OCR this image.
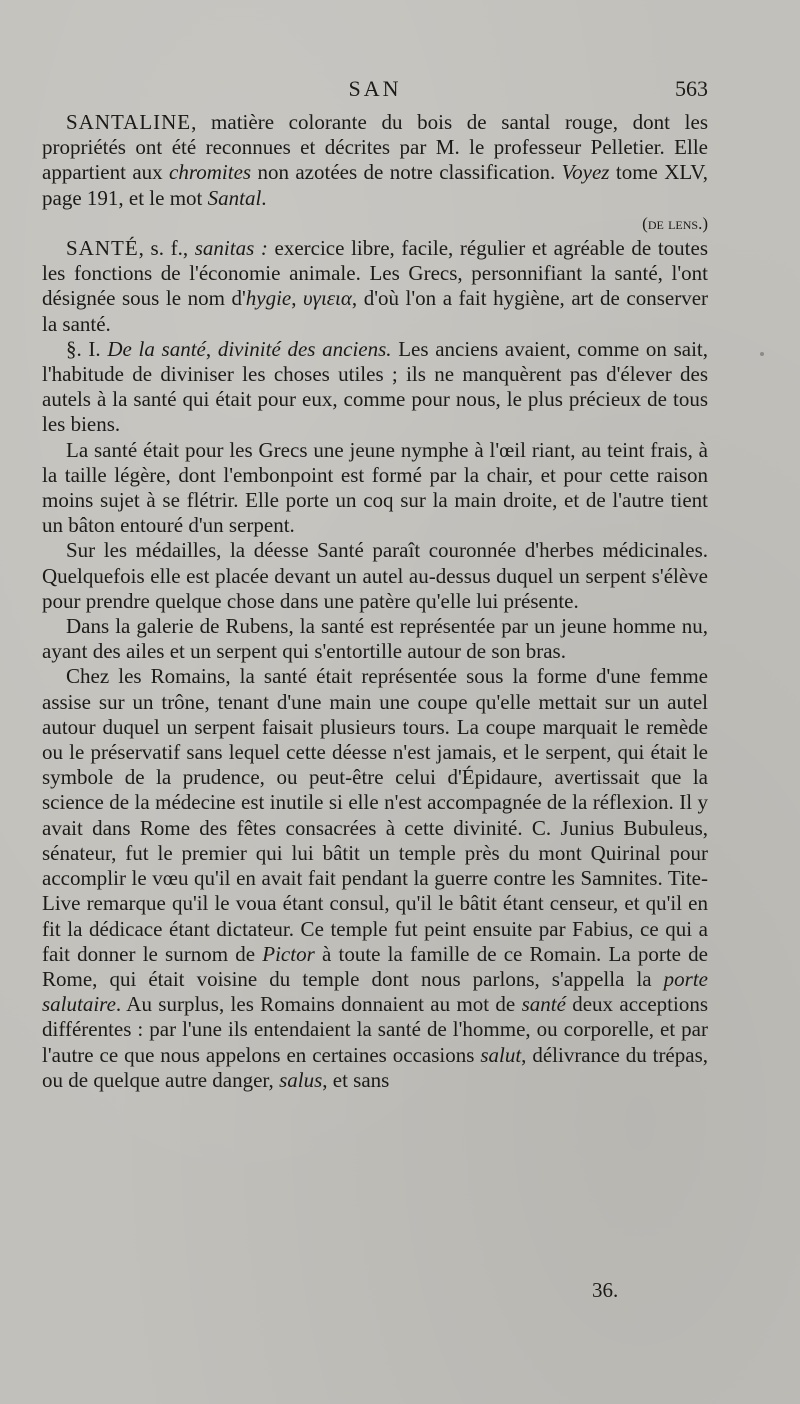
SAN	563

SANTALINE, matière colorante du bois de santal rouge, dont les propriétés ont été reconnues et décrites par M. le professeur Pelletier. Elle appartient aux chromites non azotées de notre classification. Voyez tome XLV, page 191, et le mot Santal.

(de lens.)

SANTÉ, s. f., sanitas : exercice libre, facile, régulier et agréable de toutes les fonctions de l'économie animale. Les Grecs, personnifiant la santé, l'ont désignée sous le nom d'hygie, υγιεια, d'où l'on a fait hygiène, art de conserver la santé.

§. I. De la santé, divinité des anciens. Les anciens avaient, comme on sait, l'habitude de diviniser les choses utiles ; ils ne manquèrent pas d'élever des autels à la santé qui était pour eux, comme pour nous, le plus précieux de tous les biens.

La santé était pour les Grecs une jeune nymphe à l'œil riant, au teint frais, à la taille légère, dont l'embonpoint est formé par la chair, et pour cette raison moins sujet à se flétrir. Elle porte un coq sur la main droite, et de l'autre tient un bâton entouré d'un serpent.

Sur les médailles, la déesse Santé paraît couronnée d'herbes médicinales. Quelquefois elle est placée devant un autel au-dessus duquel un serpent s'élève pour prendre quelque chose dans une patère qu'elle lui présente.

Dans la galerie de Rubens, la santé est représentée par un jeune homme nu, ayant des ailes et un serpent qui s'entortille autour de son bras.

Chez les Romains, la santé était représentée sous la forme d'une femme assise sur un trône, tenant d'une main une coupe qu'elle mettait sur un autel autour duquel un serpent faisait plusieurs tours. La coupe marquait le remède ou le préservatif sans lequel cette déesse n'est jamais, et le serpent, qui était le symbole de la prudence, ou peut-être celui d'Épidaure, avertissait que la science de la médecine est inutile si elle n'est accompagnée de la réflexion. Il y avait dans Rome des fêtes consacrées à cette divinité. C. Junius Bubuleus, sénateur, fut le premier qui lui bâtit un temple près du mont Quirinal pour accomplir le vœu qu'il en avait fait pendant la guerre contre les Samnites. Tite-Live remarque qu'il le voua étant consul, qu'il le bâtit étant censeur, et qu'il en fit la dédicace étant dictateur. Ce temple fut peint ensuite par Fabius, ce qui a fait donner le surnom de Pictor à toute la famille de ce Romain. La porte de Rome, qui était voisine du temple dont nous parlons, s'appella la porte salutaire. Au surplus, les Romains donnaient au mot de santé deux acceptions différentes : par l'une ils entendaient la santé de l'homme, ou corporelle, et par l'autre ce que nous appelons en certaines occasions salut, délivrance du trépas, ou de quelque autre danger, salus, et sans

36.
